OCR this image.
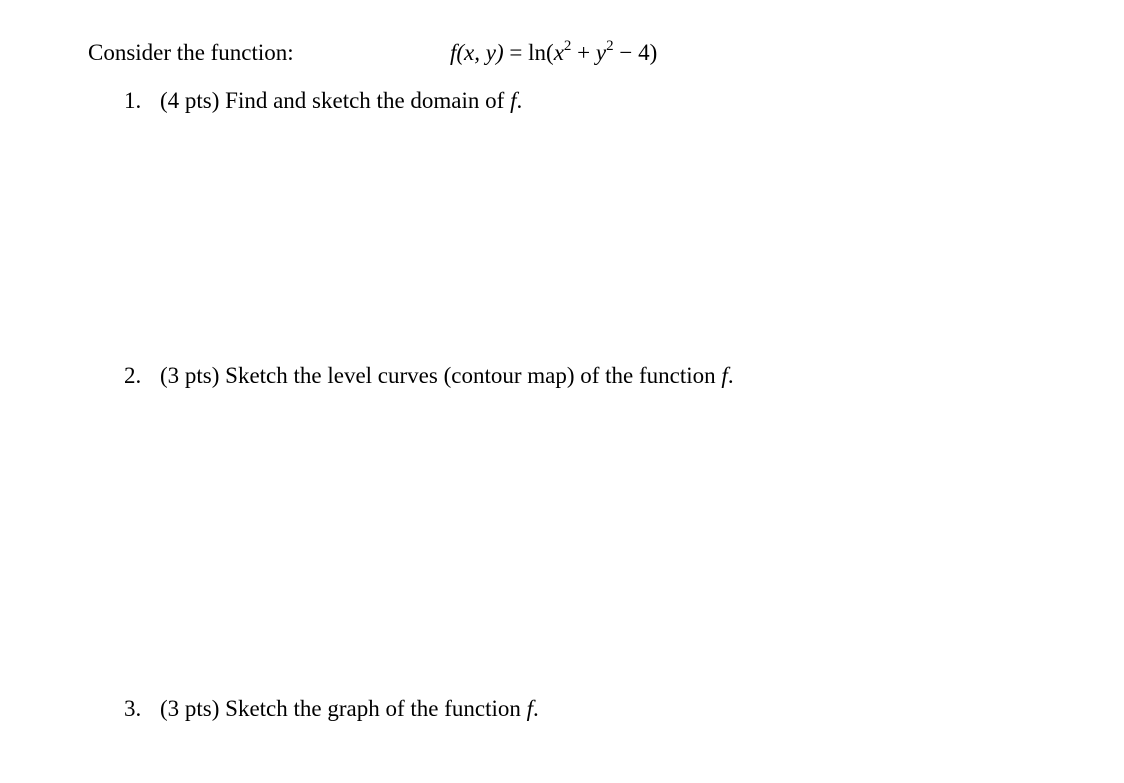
Consider the function:	f(x, $y) = \ln(x^2 + y^2 - 4)$
1. (4 pts) Find and sketch the domain of f.
2. (3 pts) Sketch the level curves (contour map) of the function f.
3. (3 pts) Sketch the graph of the function f.
